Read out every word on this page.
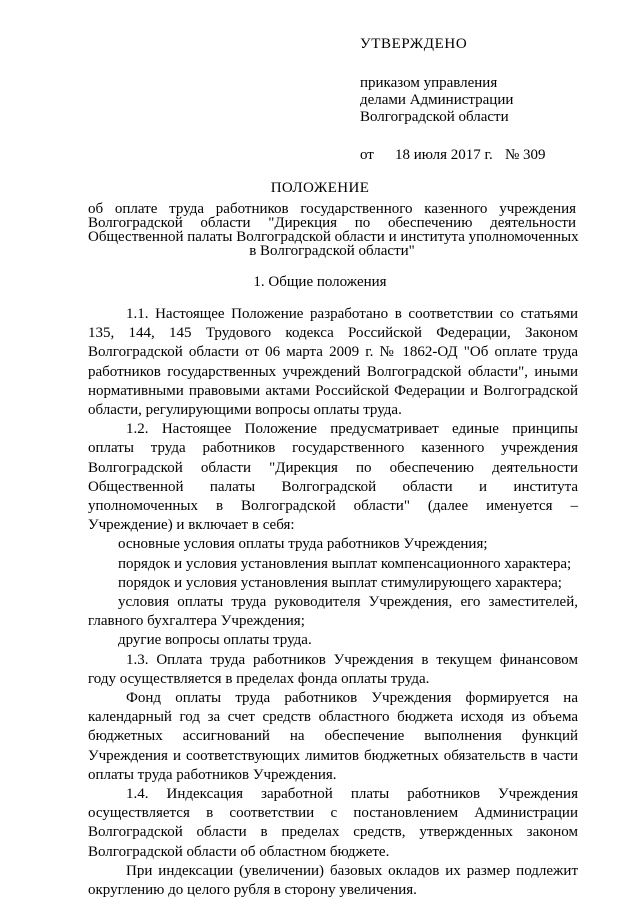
УТВЕРЖДЕНО
приказом управления
делами Администрации
Волгоградской области
от 18 июля 2017 г. № 309
ПОЛОЖЕНИЕ
об оплате труда работников государственного казенного учреждения
Волгоградской области "Дирекция по обеспечению деятельности
Общественной палаты Волгоградской области и института уполномоченных
в Волгоградской области"
1. Общие положения

1.1. Настоящее Положение разработано в соответствии со статьями 135, 144, 145 Трудового кодекса Российской Федерации, Законом Волгоградской области от 06 марта 2009 г. № 1862-ОД "Об оплате труда работников государственных учреждений Волгоградской области", иными нормативными правовыми актами Российской Федерации и Волгоградской области, регулирующими вопросы оплаты труда.

1.2. Настоящее Положение предусматривает единые принципы оплаты труда работников государственного казенного учреждения Волгоградской области "Дирекция по обеспечению деятельности Общественной палаты Волгоградской области и института уполномоченных в Волгоградской области" (далее именуется – Учреждение) и включает в себя:

основные условия оплаты труда работников Учреждения;

порядок и условия установления выплат компенсационного характера;

порядок и условия установления выплат стимулирующего характера;

условия оплаты труда руководителя Учреждения, его заместителей, главного бухгалтера Учреждения;

другие вопросы оплаты труда.

1.3. Оплата труда работников Учреждения в текущем финансовом году осуществляется в пределах фонда оплаты труда.

Фонд оплаты труда работников Учреждения формируется на календарный год за счет средств областного бюджета исходя из объема бюджетных ассигнований на обеспечение выполнения функций Учреждения и соответствующих лимитов бюджетных обязательств в части оплаты труда работников Учреждения.

1.4. Индексация заработной платы работников Учреждения осуществляется в соответствии с постановлением Администрации Волгоградской области в пределах средств, утвержденных законом Волгоградской области об областном бюджете.

При индексации (увеличении) базовых окладов их размер подлежит округлению до целого рубля в сторону увеличения.
